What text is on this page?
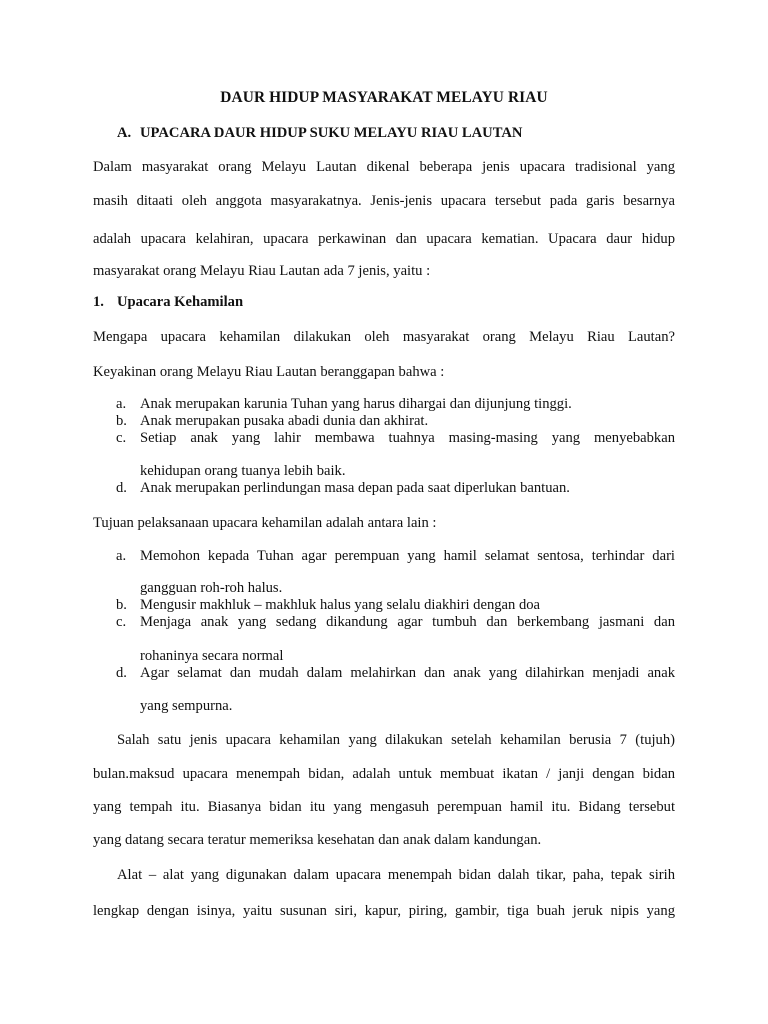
DAUR HIDUP MASYARAKAT MELAYU RIAU
A. UPACARA DAUR HIDUP SUKU MELAYU RIAU LAUTAN
Dalam masyarakat orang Melayu Lautan dikenal beberapa jenis upacara tradisional yang
masih ditaati oleh anggota masyarakatnya. Jenis-jenis upacara tersebut pada garis besarnya
adalah upacara kelahiran, upacara perkawinan dan upacara kematian. Upacara daur hidup
masyarakat orang Melayu Riau Lautan ada 7 jenis, yaitu :
1. Upacara Kehamilan
Mengapa upacara kehamilan dilakukan oleh masyarakat orang Melayu Riau Lautan?
Keyakinan orang Melayu Riau Lautan beranggapan bahwa :
a. Anak merupakan karunia Tuhan yang harus dihargai dan dijunjung tinggi.
b. Anak merupakan pusaka abadi dunia dan akhirat.
c. Setiap anak yang lahir membawa tuahnya masing-masing yang menyebabkan
kehidupan orang tuanya lebih baik.
d. Anak merupakan perlindungan masa depan pada saat diperlukan bantuan.
Tujuan pelaksanaan upacara kehamilan adalah antara lain :
a. Memohon kepada Tuhan agar perempuan yang hamil selamat sentosa, terhindar dari
gangguan roh-roh halus.
b. Mengusir makhluk – makhluk halus yang selalu diakhiri dengan doa
c. Menjaga anak yang sedang dikandung agar tumbuh dan berkembang jasmani dan
rohaninya secara normal
d. Agar selamat dan mudah dalam melahirkan dan anak yang dilahirkan menjadi anak
yang sempurna.
Salah satu jenis upacara kehamilan yang dilakukan setelah kehamilan berusia 7 (tujuh)
bulan.maksud upacara menempah bidan, adalah untuk membuat ikatan / janji dengan bidan
yang tempah itu. Biasanya bidan itu yang mengasuh perempuan hamil itu. Bidang tersebut
yang datang secara teratur memeriksa kesehatan dan anak dalam kandungan.
Alat – alat yang digunakan dalam upacara menempah bidan dalah tikar, paha, tepak sirih
lengkap dengan isinya, yaitu susunan siri, kapur, piring, gambir, tiga buah jeruk nipis yang
